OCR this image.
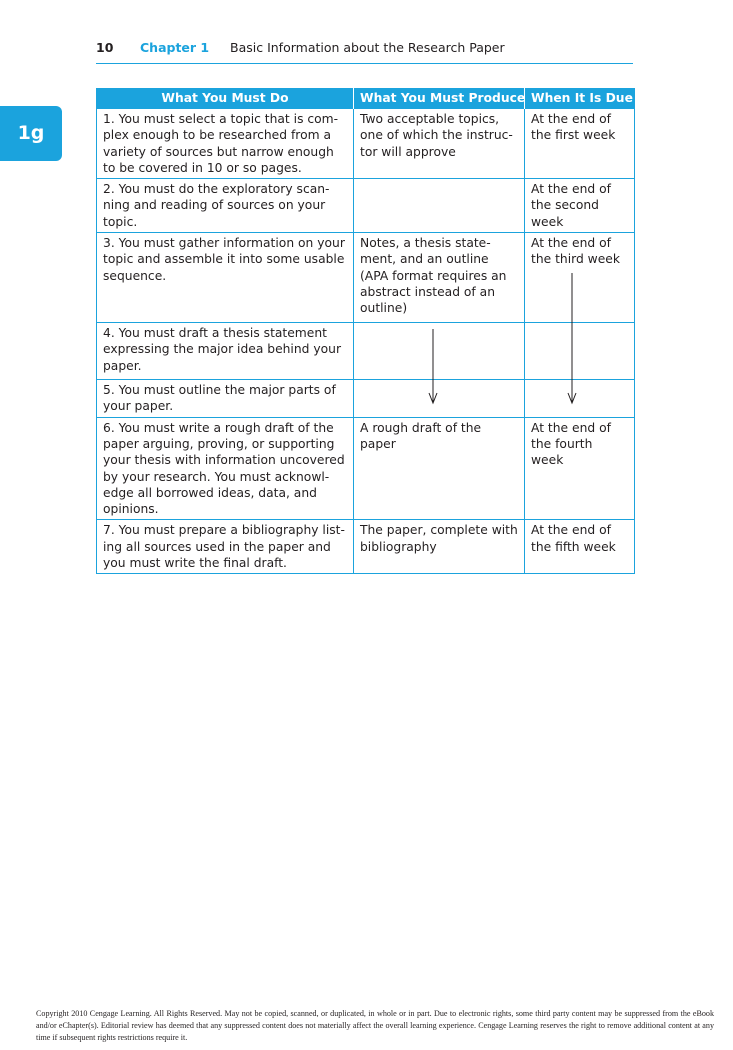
10 Chapter 1 Basic Information about the Research Paper
1g
What You Must Do	What You Must Produce	When It Is Due
1. You must select a topic that is com-plex enough to be researched from a variety of sources but narrow enough to be covered in 10 or so pages.	Two acceptable topics, one of which the instruc-tor will approve	At the end of the first week
2. You must do the exploratory scan-ning and reading of sources on your topic.		At the end of the second week
3. You must gather information on your topic and assemble it into some usable sequence.	Notes, a thesis state-ment, and an outline (APA format requires an abstract instead of an outline)	At the end of the third week

4. You must draft a thesis statement expressing the major idea behind your paper.	

5. You must outline the major parts of your paper.		
6. You must write a rough draft of the paper arguing, proving, or supporting your thesis with information uncovered by your research. You must acknowl-edge all borrowed ideas, data, and opinions.	A rough draft of the paper	At the end of the fourth week
7. You must prepare a bibliography list-ing all sources used in the paper and you must write the final draft.	The paper, complete with bibliography	At the end of the fifth week
Copyright 2010 Cengage Learning. All Rights Reserved. May not be copied, scanned, or duplicated, in whole or in part. Due to electronic rights, some third party content may be suppressed from the eBook and/or eChapter(s). Editorial review has deemed that any suppressed content does not materially affect the overall learning experience. Cengage Learning reserves the right to remove additional content at any time if subsequent rights restrictions require it.
